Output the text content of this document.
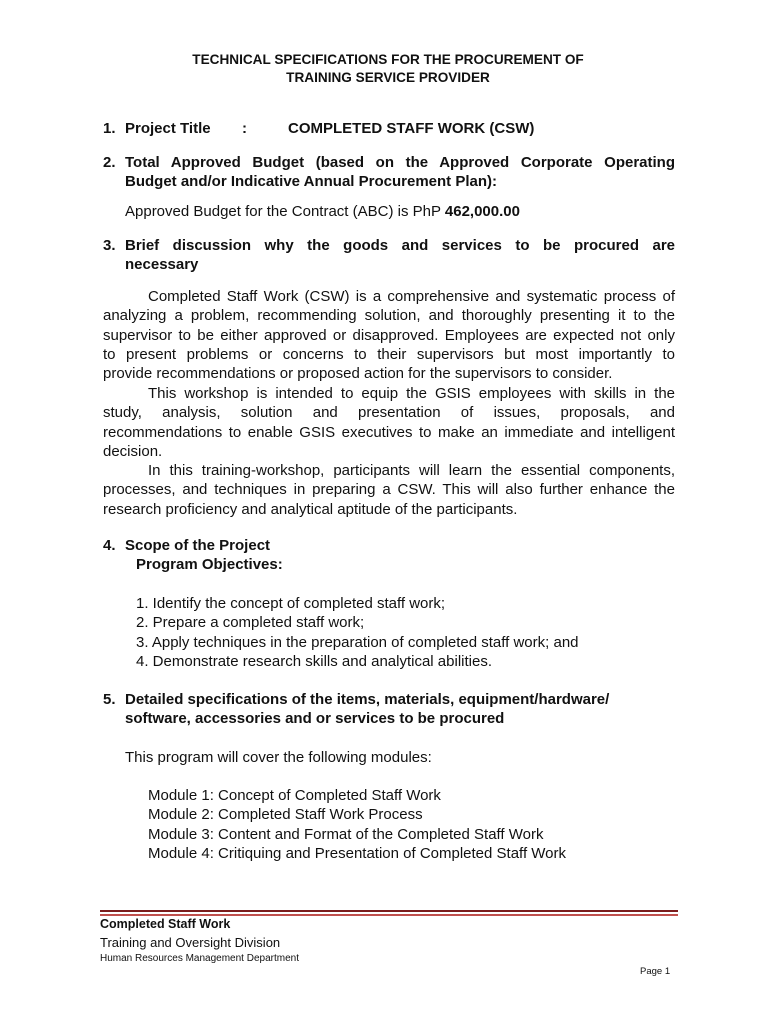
TECHNICAL SPECIFICATIONS FOR THE PROCUREMENT OF
TRAINING SERVICE PROVIDER
1. Project Title :	COMPLETED STAFF WORK (CSW)
2. Total Approved Budget (based on the Approved Corporate Operating
Budget and/or Indicative Annual Procurement Plan):
Approved Budget for the Contract (ABC) is PhP 462,000.00
3. Brief discussion why the goods and services to be procured are
necessary
Completed Staff Work (CSW) is a comprehensive and systematic process of
analyzing a problem, recommending solution, and thoroughly presenting it to the
supervisor to be either approved or disapproved. Employees are expected not only
to present problems or concerns to their supervisors but most importantly to
provide recommendations or proposed action for the supervisors to consider.
This workshop is intended to equip the GSIS employees with skills in the
study, analysis, solution and presentation of issues, proposals, and
recommendations to enable GSIS executives to make an immediate and intelligent
decision.
In this training-workshop, participants will learn the essential components,
processes, and techniques in preparing a CSW. This will also further enhance the
research proficiency and analytical aptitude of the participants.
4. Scope of the Project
Program Objectives:
1. Identify the concept of completed staff work;
2. Prepare a completed staff work;
3. Apply techniques in the preparation of completed staff work; and
4. Demonstrate research skills and analytical abilities.
5. Detailed specifications of the items, materials, equipment/hardware/
software, accessories and or services to be procured
This program will cover the following modules:
Module 1: Concept of Completed Staff Work
Module 2: Completed Staff Work Process
Module 3: Content and Format of the Completed Staff Work
Module 4: Critiquing and Presentation of Completed Staff Work
Completed Staff Work
Training and Oversight Division
Human Resources Management Department
Page 1
